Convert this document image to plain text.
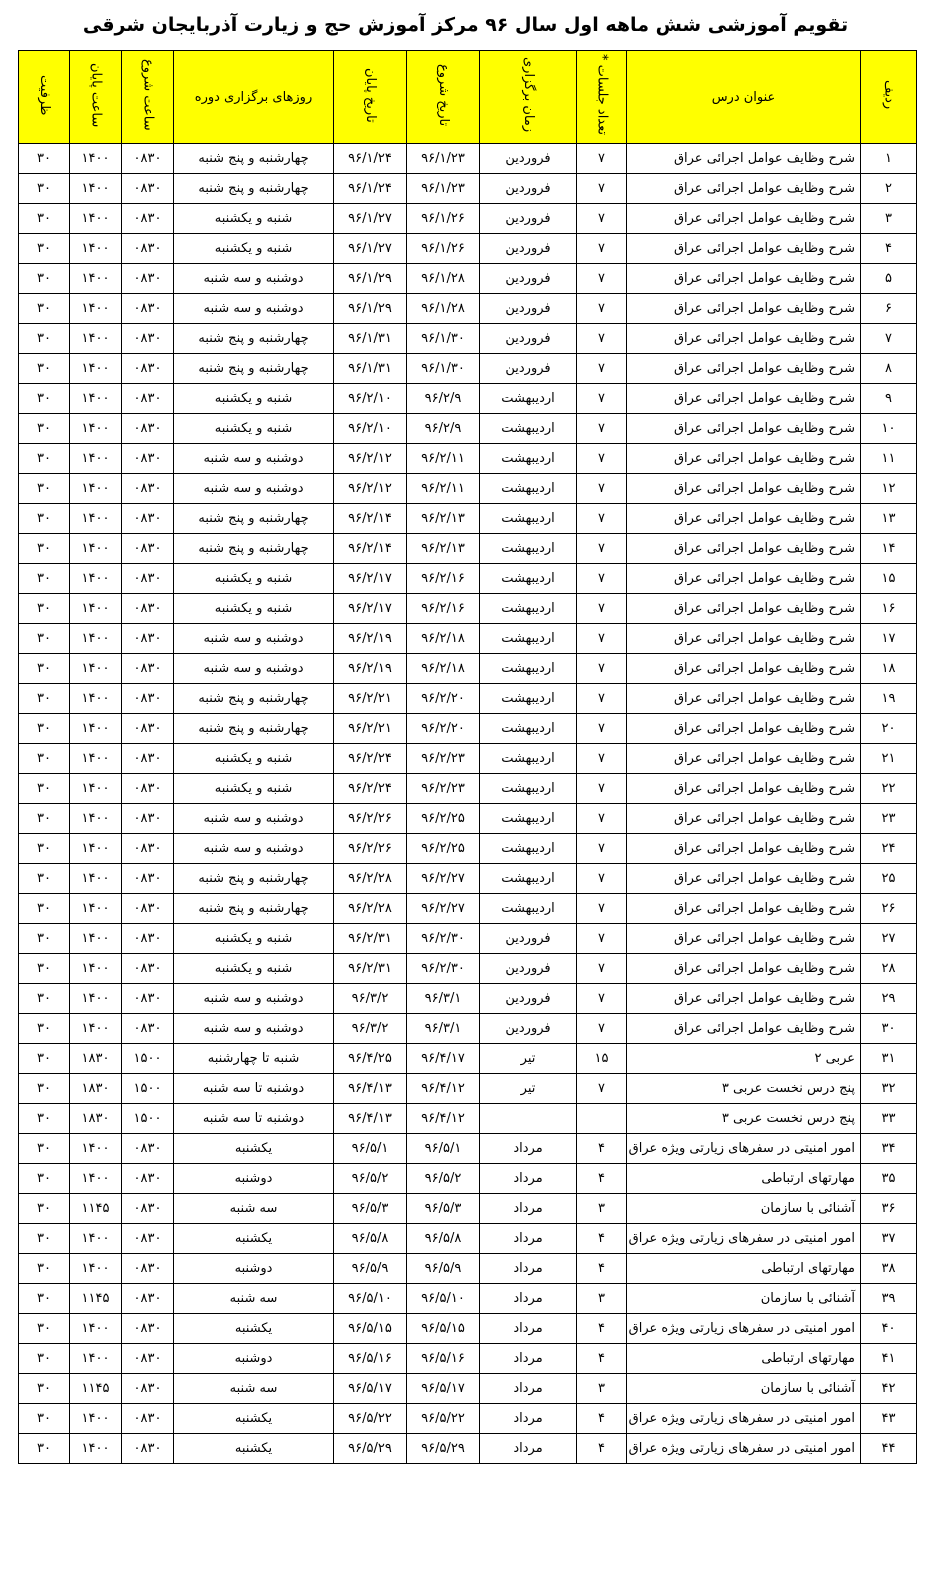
تقویم آموزشی شش ماهه اول سال ۹۶ مرکز آموزش حج و زیارت آذربایجان شرقی
ردیف	عنوان درس	تعداد جلسات *	زمان برگزاری	تاریخ شروع	تاریخ پایان	روزهای برگزاری دوره	ساعت شروع	ساعت پایان	ظرفیت
۱	شرح وظایف عوامل اجرائی عراق	۷	فروردین	۹۶/۱/۲۳	۹۶/۱/۲۴	چهارشنبه و پنج شنبه	۰۸۳۰	۱۴۰۰	۳۰
۲	شرح وظایف عوامل اجرائی عراق	۷	فروردین	۹۶/۱/۲۳	۹۶/۱/۲۴	چهارشنبه و پنج شنبه	۰۸۳۰	۱۴۰۰	۳۰
۳	شرح وظایف عوامل اجرائی عراق	۷	فروردین	۹۶/۱/۲۶	۹۶/۱/۲۷	شنبه و یکشنبه	۰۸۳۰	۱۴۰۰	۳۰
۴	شرح وظایف عوامل اجرائی عراق	۷	فروردین	۹۶/۱/۲۶	۹۶/۱/۲۷	شنبه و یکشنبه	۰۸۳۰	۱۴۰۰	۳۰
۵	شرح وظایف عوامل اجرائی عراق	۷	فروردین	۹۶/۱/۲۸	۹۶/۱/۲۹	دوشنبه و سه شنبه	۰۸۳۰	۱۴۰۰	۳۰
۶	شرح وظایف عوامل اجرائی عراق	۷	فروردین	۹۶/۱/۲۸	۹۶/۱/۲۹	دوشنبه و سه شنبه	۰۸۳۰	۱۴۰۰	۳۰
۷	شرح وظایف عوامل اجرائی عراق	۷	فروردین	۹۶/۱/۳۰	۹۶/۱/۳۱	چهارشنبه و پنج شنبه	۰۸۳۰	۱۴۰۰	۳۰
۸	شرح وظایف عوامل اجرائی عراق	۷	فروردین	۹۶/۱/۳۰	۹۶/۱/۳۱	چهارشنبه و پنج شنبه	۰۸۳۰	۱۴۰۰	۳۰
۹	شرح وظایف عوامل اجرائی عراق	۷	اردیبهشت	۹۶/۲/۹	۹۶/۲/۱۰	شنبه و یکشنبه	۰۸۳۰	۱۴۰۰	۳۰
۱۰	شرح وظایف عوامل اجرائی عراق	۷	اردیبهشت	۹۶/۲/۹	۹۶/۲/۱۰	شنبه و یکشنبه	۰۸۳۰	۱۴۰۰	۳۰
۱۱	شرح وظایف عوامل اجرائی عراق	۷	اردیبهشت	۹۶/۲/۱۱	۹۶/۲/۱۲	دوشنبه و سه شنبه	۰۸۳۰	۱۴۰۰	۳۰
۱۲	شرح وظایف عوامل اجرائی عراق	۷	اردیبهشت	۹۶/۲/۱۱	۹۶/۲/۱۲	دوشنبه و سه شنبه	۰۸۳۰	۱۴۰۰	۳۰
۱۳	شرح وظایف عوامل اجرائی عراق	۷	اردیبهشت	۹۶/۲/۱۳	۹۶/۲/۱۴	چهارشنبه و پنج شنبه	۰۸۳۰	۱۴۰۰	۳۰
۱۴	شرح وظایف عوامل اجرائی عراق	۷	اردیبهشت	۹۶/۲/۱۳	۹۶/۲/۱۴	چهارشنبه و پنج شنبه	۰۸۳۰	۱۴۰۰	۳۰
۱۵	شرح وظایف عوامل اجرائی عراق	۷	اردیبهشت	۹۶/۲/۱۶	۹۶/۲/۱۷	شنبه و یکشنبه	۰۸۳۰	۱۴۰۰	۳۰
۱۶	شرح وظایف عوامل اجرائی عراق	۷	اردیبهشت	۹۶/۲/۱۶	۹۶/۲/۱۷	شنبه و یکشنبه	۰۸۳۰	۱۴۰۰	۳۰
۱۷	شرح وظایف عوامل اجرائی عراق	۷	اردیبهشت	۹۶/۲/۱۸	۹۶/۲/۱۹	دوشنبه و سه شنبه	۰۸۳۰	۱۴۰۰	۳۰
۱۸	شرح وظایف عوامل اجرائی عراق	۷	اردیبهشت	۹۶/۲/۱۸	۹۶/۲/۱۹	دوشنبه و سه شنبه	۰۸۳۰	۱۴۰۰	۳۰
۱۹	شرح وظایف عوامل اجرائی عراق	۷	اردیبهشت	۹۶/۲/۲۰	۹۶/۲/۲۱	چهارشنبه و پنج شنبه	۰۸۳۰	۱۴۰۰	۳۰
۲۰	شرح وظایف عوامل اجرائی عراق	۷	اردیبهشت	۹۶/۲/۲۰	۹۶/۲/۲۱	چهارشنبه و پنج شنبه	۰۸۳۰	۱۴۰۰	۳۰
۲۱	شرح وظایف عوامل اجرائی عراق	۷	اردیبهشت	۹۶/۲/۲۳	۹۶/۲/۲۴	شنبه و یکشنبه	۰۸۳۰	۱۴۰۰	۳۰
۲۲	شرح وظایف عوامل اجرائی عراق	۷	اردیبهشت	۹۶/۲/۲۳	۹۶/۲/۲۴	شنبه و یکشنبه	۰۸۳۰	۱۴۰۰	۳۰
۲۳	شرح وظایف عوامل اجرائی عراق	۷	اردیبهشت	۹۶/۲/۲۵	۹۶/۲/۲۶	دوشنبه و سه شنبه	۰۸۳۰	۱۴۰۰	۳۰
۲۴	شرح وظایف عوامل اجرائی عراق	۷	اردیبهشت	۹۶/۲/۲۵	۹۶/۲/۲۶	دوشنبه و سه شنبه	۰۸۳۰	۱۴۰۰	۳۰
۲۵	شرح وظایف عوامل اجرائی عراق	۷	اردیبهشت	۹۶/۲/۲۷	۹۶/۲/۲۸	چهارشنبه و پنج شنبه	۰۸۳۰	۱۴۰۰	۳۰
۲۶	شرح وظایف عوامل اجرائی عراق	۷	اردیبهشت	۹۶/۲/۲۷	۹۶/۲/۲۸	چهارشنبه و پنج شنبه	۰۸۳۰	۱۴۰۰	۳۰
۲۷	شرح وظایف عوامل اجرائی عراق	۷	فروردین	۹۶/۲/۳۰	۹۶/۲/۳۱	شنبه و یکشنبه	۰۸۳۰	۱۴۰۰	۳۰
۲۸	شرح وظایف عوامل اجرائی عراق	۷	فروردین	۹۶/۲/۳۰	۹۶/۲/۳۱	شنبه و یکشنبه	۰۸۳۰	۱۴۰۰	۳۰
۲۹	شرح وظایف عوامل اجرائی عراق	۷	فروردین	۹۶/۳/۱	۹۶/۳/۲	دوشنبه و سه شنبه	۰۸۳۰	۱۴۰۰	۳۰
۳۰	شرح وظایف عوامل اجرائی عراق	۷	فروردین	۹۶/۳/۱	۹۶/۳/۲	دوشنبه و سه شنبه	۰۸۳۰	۱۴۰۰	۳۰
۳۱	عربی ۲	۱۵	تیر	۹۶/۴/۱۷	۹۶/۴/۲۵	شنبه تا چهارشنبه	۱۵۰۰	۱۸۳۰	۳۰
۳۲	پنج درس نخست عربی ۳	۷	تیر	۹۶/۴/۱۲	۹۶/۴/۱۳	دوشنبه تا سه شنبه	۱۵۰۰	۱۸۳۰	۳۰
۳۳	پنج درس نخست عربی ۳			۹۶/۴/۱۲	۹۶/۴/۱۳	دوشنبه تا سه شنبه	۱۵۰۰	۱۸۳۰	۳۰
۳۴	امور امنیتی در سفرهای زیارتی ویژه عراق	۴	مرداد	۹۶/۵/۱	۹۶/۵/۱	یکشنبه	۰۸۳۰	۱۴۰۰	۳۰
۳۵	مهارتهای ارتباطی	۴	مرداد	۹۶/۵/۲	۹۶/۵/۲	دوشنبه	۰۸۳۰	۱۴۰۰	۳۰
۳۶	آشنائی با سازمان	۳	مرداد	۹۶/۵/۳	۹۶/۵/۳	سه شنبه	۰۸۳۰	۱۱۴۵	۳۰
۳۷	امور امنیتی در سفرهای زیارتی ویژه عراق	۴	مرداد	۹۶/۵/۸	۹۶/۵/۸	یکشنبه	۰۸۳۰	۱۴۰۰	۳۰
۳۸	مهارتهای ارتباطی	۴	مرداد	۹۶/۵/۹	۹۶/۵/۹	دوشنبه	۰۸۳۰	۱۴۰۰	۳۰
۳۹	آشنائی با سازمان	۳	مرداد	۹۶/۵/۱۰	۹۶/۵/۱۰	سه شنبه	۰۸۳۰	۱۱۴۵	۳۰
۴۰	امور امنیتی در سفرهای زیارتی ویژه عراق	۴	مرداد	۹۶/۵/۱۵	۹۶/۵/۱۵	یکشنبه	۰۸۳۰	۱۴۰۰	۳۰
۴۱	مهارتهای ارتباطی	۴	مرداد	۹۶/۵/۱۶	۹۶/۵/۱۶	دوشنبه	۰۸۳۰	۱۴۰۰	۳۰
۴۲	آشنائی با سازمان	۳	مرداد	۹۶/۵/۱۷	۹۶/۵/۱۷	سه شنبه	۰۸۳۰	۱۱۴۵	۳۰
۴۳	امور امنیتی در سفرهای زیارتی ویژه عراق	۴	مرداد	۹۶/۵/۲۲	۹۶/۵/۲۲	یکشنبه	۰۸۳۰	۱۴۰۰	۳۰
۴۴	امور امنیتی در سفرهای زیارتی ویژه عراق	۴	مرداد	۹۶/۵/۲۹	۹۶/۵/۲۹	یکشنبه	۰۸۳۰	۱۴۰۰	۳۰
